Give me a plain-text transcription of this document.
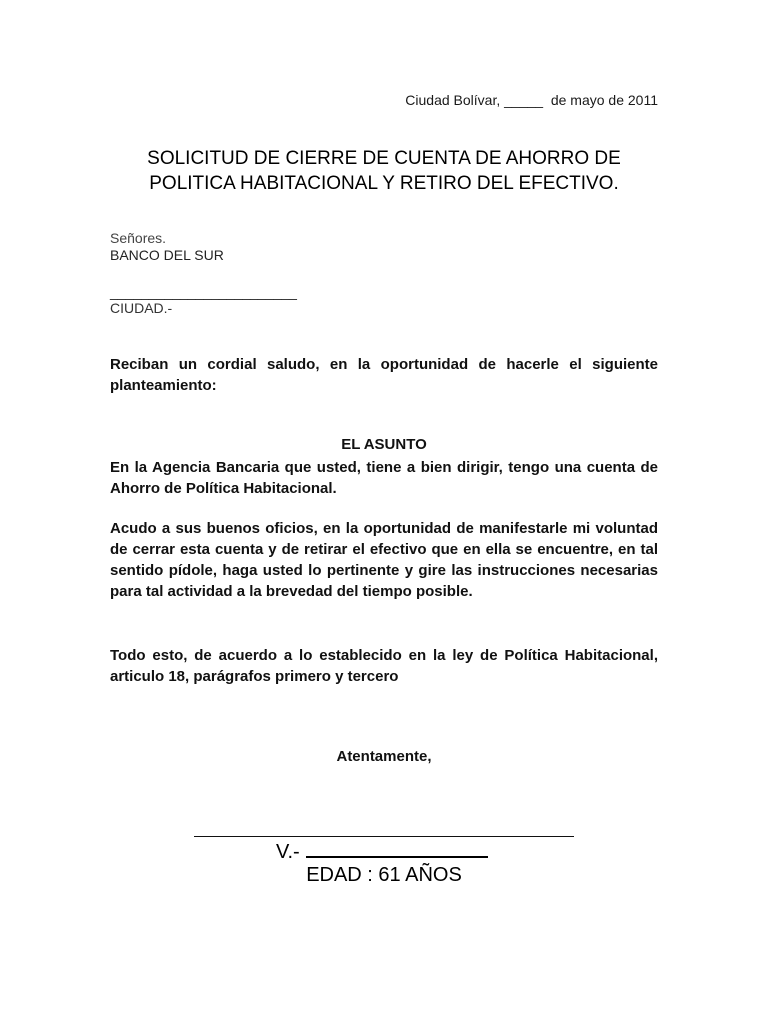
Ciudad Bolívar, _____  de mayo de 2011
SOLICITUD DE CIERRE DE CUENTA DE AHORRO DE
POLITICA HABITACIONAL Y RETIRO DEL EFECTIVO.
Señores.
BANCO DEL SUR
________________________
CIUDAD.-
Reciban un cordial saludo, en la oportunidad de hacerle el siguiente planteamiento:
EL ASUNTO
En la Agencia Bancaria que usted, tiene a bien dirigir, tengo una cuenta de Ahorro de Política Habitacional.
Acudo a sus buenos oficios, en la oportunidad de manifestarle mi voluntad de cerrar esta cuenta y de retirar el efectivo que en ella se encuentre, en tal sentido pídole, haga usted lo pertinente y gire las instrucciones necesarias para tal actividad a la brevedad del tiempo posible.
Todo esto, de acuerdo a lo establecido en la ley de Política Habitacional, articulo 18, parágrafos primero y tercero
Atentamente,
V.-
EDAD : 61 AÑOS
